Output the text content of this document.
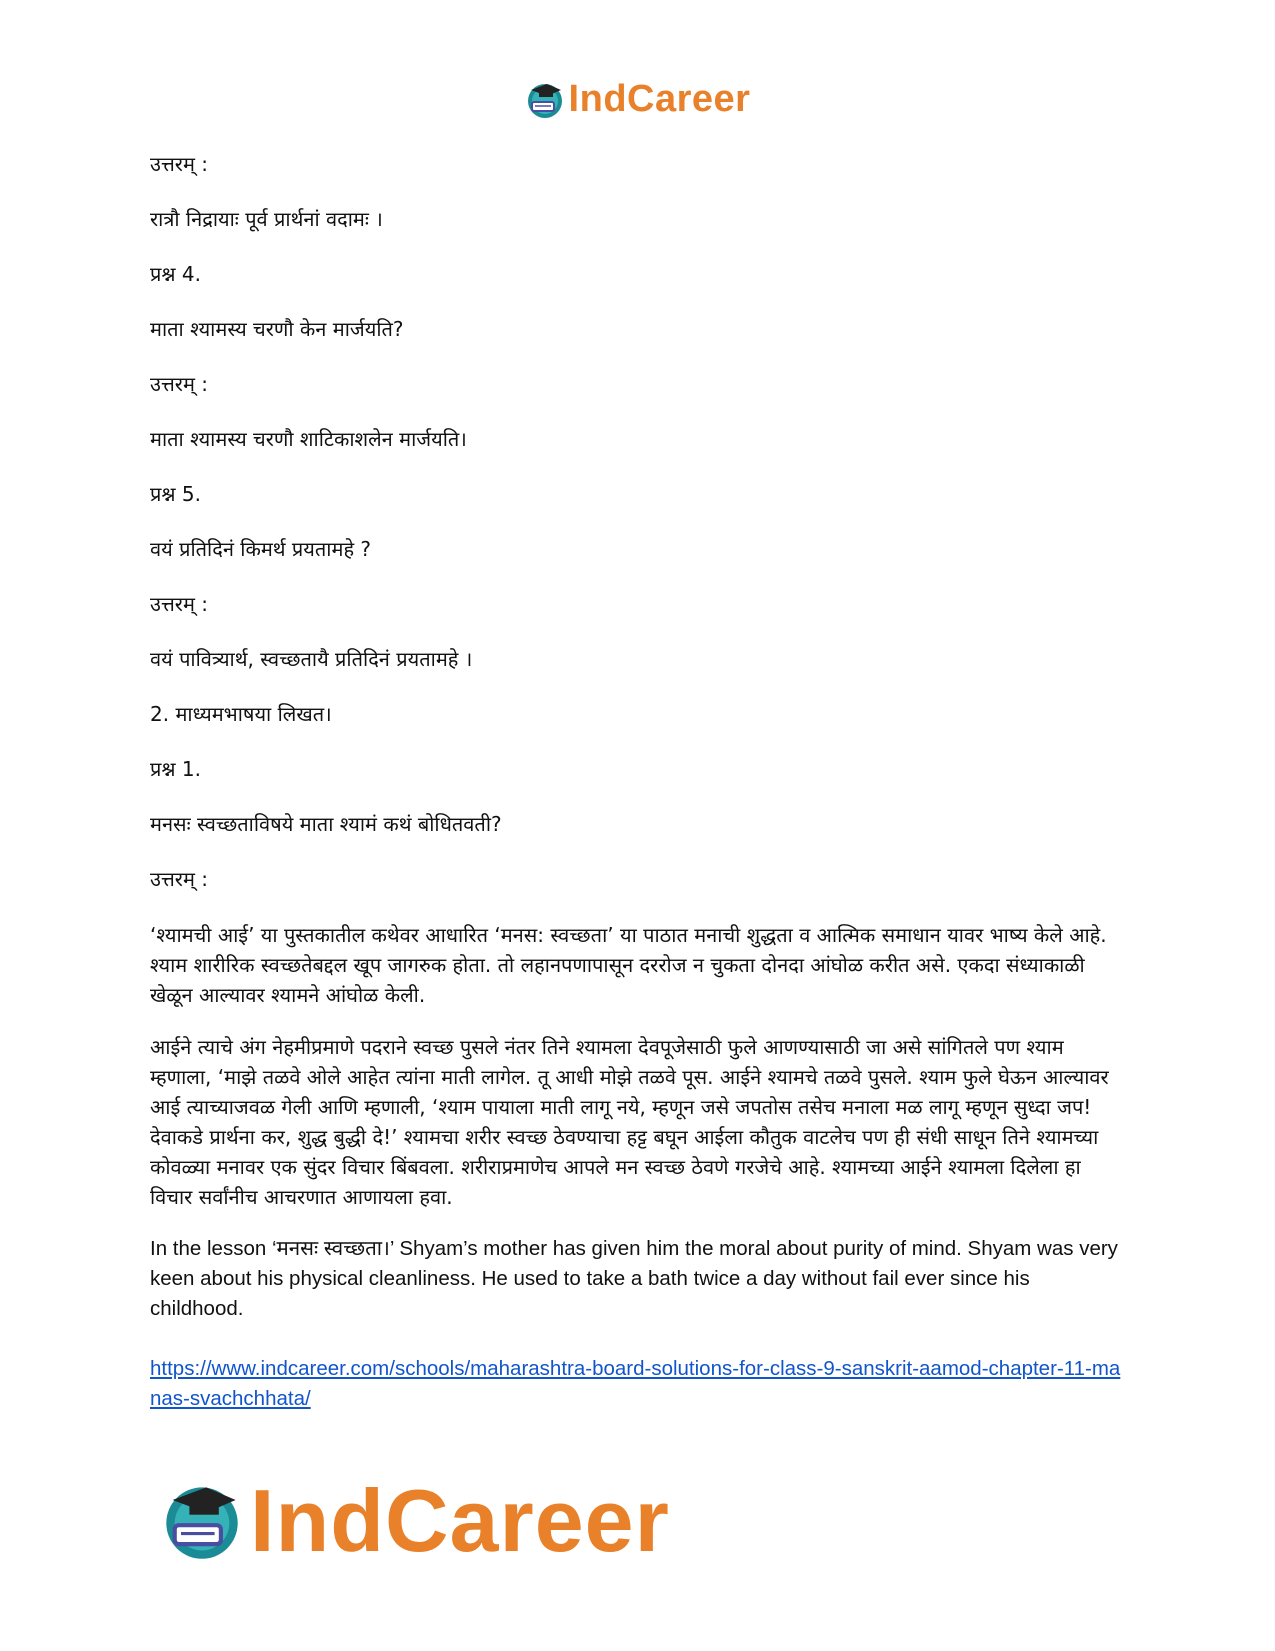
IndCareer
उत्तरम् :
रात्रौ निद्रायाः पूर्व प्रार्थनां वदामः ।
प्रश्न 4.
माता श्यामस्य चरणौ केन मार्जयति?
उत्तरम् :
माता श्यामस्य चरणौ शाटिकाशलेन मार्जयति।
प्रश्न 5.
वयं प्रतिदिनं किमर्थ प्रयतामहे ?
उत्तरम् :
वयं पावित्र्यार्थ, स्वच्छतायै प्रतिदिनं प्रयतामहे ।
2. माध्यमभाषया लिखत।
प्रश्न 1.
मनसः स्वच्छताविषये माता श्यामं कथं बोधितवती?
उत्तरम् :

‘श्यामची आई’ या पुस्तकातील कथेवर आधारित ‘मनस: स्वच्छता’ या पाठात मनाची शुद्धता व आत्मिक समाधान यावर भाष्य केले आहे. श्याम शारीरिक स्वच्छतेबद्दल खूप जागरुक होता. तो लहानपणापासून दररोज न चुकता दोनदा आंघोळ करीत असे. एकदा संध्याकाळी खेळून आल्यावर श्यामने आंघोळ केली.

आईने त्याचे अंग नेहमीप्रमाणे पदराने स्वच्छ पुसले नंतर तिने श्यामला देवपूजेसाठी फुले आणण्यासाठी जा असे सांगितले पण श्याम म्हणाला, ‘माझे तळवे ओले आहेत त्यांना माती लागेल. तू आधी मोझे तळवे पूस. आईने श्यामचे तळवे पुसले. श्याम फुले घेऊन आल्यावर आई त्याच्याजवळ गेली आणि म्हणाली, ‘श्याम पायाला माती लागू नये, म्हणून जसे जपतोस तसेच मनाला मळ लागू म्हणून सुध्दा जप! देवाकडे प्रार्थना कर, शुद्ध बुद्धी दे!’ श्यामचा शरीर स्वच्छ ठेवण्याचा हट्ट बघून आईला कौतुक वाटलेच पण ही संधी साधून तिने श्यामच्या कोवळ्या मनावर एक सुंदर विचार बिंबवला. शरीराप्रमाणेच आपले मन स्वच्छ ठेवणे गरजेचे आहे. श्यामच्या आईने श्यामला दिलेला हा विचार सर्वांनीच आचरणात आणायला हवा.

In the lesson ‘मनसः स्वच्छता।’ Shyam’s mother has given him the moral about purity of mind. Shyam was very keen about his physical cleanliness. He used to take a bath twice a day without fail ever since his childhood.

https://www.indcareer.com/schools/maharashtra-board-solutions-for-class-9-sanskrit-aamod-chapter-11-manas-svachchhata/
IndCareer
